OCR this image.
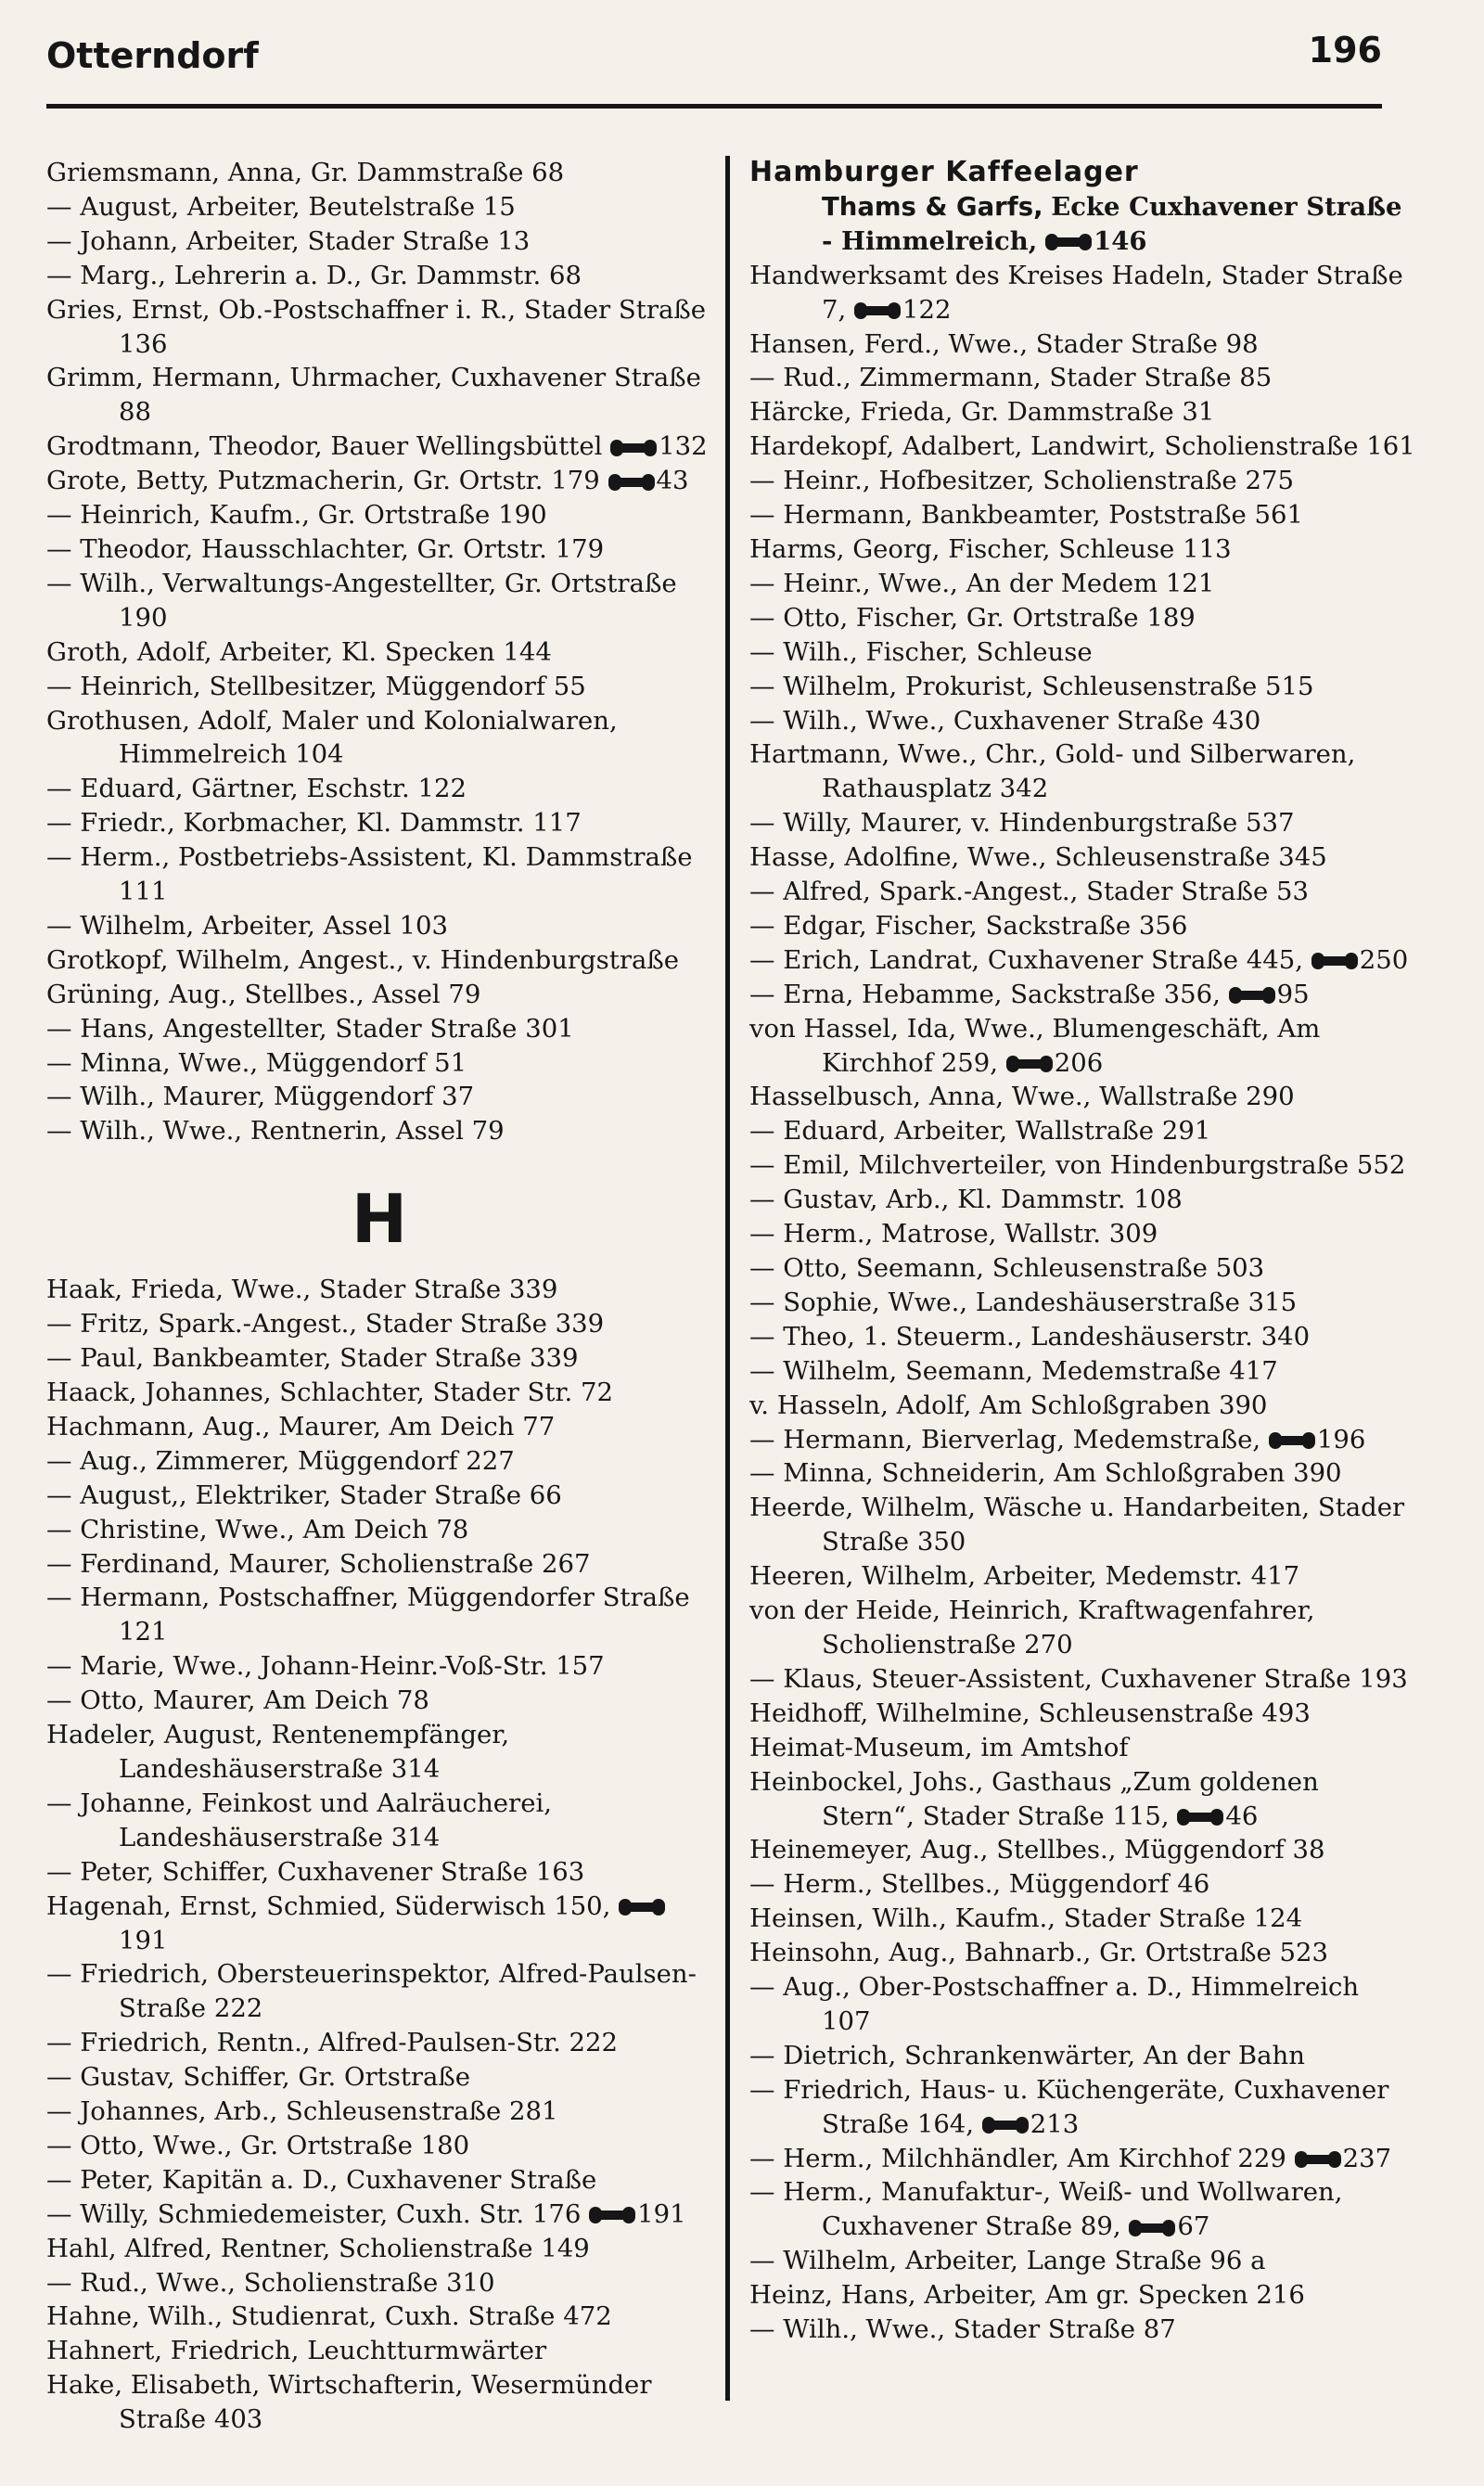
Otterndorf	196

Griemsmann, Anna, Gr. Dammstraße 68

— August, Arbeiter, Beutelstraße 15

— Johann, Arbeiter, Stader Straße 13

— Marg., Lehrerin a. D., Gr. Dammstr. 68

Gries, Ernst, Ob.-Postschaffner i. R., Stader Straße 136

Grimm, Hermann, Uhrmacher, Cuxhavener Straße 88

Grodtmann, Theodor, Bauer Wellingsbüttel 132

Grote, Betty, Putzmacherin, Gr. Ortstr. 179 43

— Heinrich, Kaufm., Gr. Ortstraße 190

— Theodor, Hausschlachter, Gr. Ortstr. 179

— Wilh., Verwaltungs-Angestellter, Gr. Ortstraße 190

Groth, Adolf, Arbeiter, Kl. Specken 144

— Heinrich, Stellbesitzer, Müggendorf 55

Grothusen, Adolf, Maler und Kolonialwaren, Himmelreich 104

— Eduard, Gärtner, Eschstr. 122

— Friedr., Korbmacher, Kl. Dammstr. 117

— Herm., Postbetriebs-Assistent, Kl. Dammstraße 111

— Wilhelm, Arbeiter, Assel 103

Grotkopf, Wilhelm, Angest., v. Hindenburgstraße

Grüning, Aug., Stellbes., Assel 79

— Hans, Angestellter, Stader Straße 301

— Minna, Wwe., Müggendorf 51

— Wilh., Maurer, Müggendorf 37

— Wilh., Wwe., Rentnerin, Assel 79

H

Haak, Frieda, Wwe., Stader Straße 339

— Fritz, Spark.-Angest., Stader Straße 339

— Paul, Bankbeamter, Stader Straße 339

Haack, Johannes, Schlachter, Stader Str. 72

Hachmann, Aug., Maurer, Am Deich 77

— Aug., Zimmerer, Müggendorf 227

— August,, Elektriker, Stader Straße 66

— Christine, Wwe., Am Deich 78

— Ferdinand, Maurer, Scholienstraße 267

— Hermann, Postschaffner, Müggendorfer Straße 121

— Marie, Wwe., Johann-Heinr.-Voß-Str. 157

— Otto, Maurer, Am Deich 78

Hadeler, August, Rentenempfänger, Landeshäuserstraße 314

— Johanne, Feinkost und Aalräucherei, Landeshäuserstraße 314

— Peter, Schiffer, Cuxhavener Straße 163

Hagenah, Ernst, Schmied, Süderwisch 150, 191

— Friedrich, Obersteuerinspektor, Alfred-Paulsen-Straße 222

— Friedrich, Rentn., Alfred-Paulsen-Str. 222

— Gustav, Schiffer, Gr. Ortstraße

— Johannes, Arb., Schleusenstraße 281

— Otto, Wwe., Gr. Ortstraße 180

— Peter, Kapitän a. D., Cuxhavener Straße

— Willy, Schmiedemeister, Cuxh. Str. 176 191

Hahl, Alfred, Rentner, Scholienstraße 149

— Rud., Wwe., Scholienstraße 310

Hahne, Wilh., Studienrat, Cuxh. Straße 472

Hahnert, Friedrich, Leuchtturmwärter

Hake, Elisabeth, Wirtschafterin, Wesermünder Straße 403

Hamburger Kaffeelager
Thams & Garfs, Ecke Cuxhavener Straße - Himmelreich, 146

Handwerksamt des Kreises Hadeln, Stader Straße 7, 122

Hansen, Ferd., Wwe., Stader Straße 98

— Rud., Zimmermann, Stader Straße 85

Härcke, Frieda, Gr. Dammstraße 31

Hardekopf, Adalbert, Landwirt, Scholienstraße 161

— Heinr., Hofbesitzer, Scholienstraße 275

— Hermann, Bankbeamter, Poststraße 561

Harms, Georg, Fischer, Schleuse 113

— Heinr., Wwe., An der Medem 121

— Otto, Fischer, Gr. Ortstraße 189

— Wilh., Fischer, Schleuse

— Wilhelm, Prokurist, Schleusenstraße 515

— Wilh., Wwe., Cuxhavener Straße 430

Hartmann, Wwe., Chr., Gold- und Silberwaren, Rathausplatz 342

— Willy, Maurer, v. Hindenburgstraße 537

Hasse, Adolfine, Wwe., Schleusenstraße 345

— Alfred, Spark.-Angest., Stader Straße 53

— Edgar, Fischer, Sackstraße 356

— Erich, Landrat, Cuxhavener Straße 445, 250

— Erna, Hebamme, Sackstraße 356, 95

von Hassel, Ida, Wwe., Blumengeschäft, Am Kirchhof 259, 206

Hasselbusch, Anna, Wwe., Wallstraße 290

— Eduard, Arbeiter, Wallstraße 291

— Emil, Milchverteiler, von Hindenburgstraße 552

— Gustav, Arb., Kl. Dammstr. 108

— Herm., Matrose, Wallstr. 309

— Otto, Seemann, Schleusenstraße 503

— Sophie, Wwe., Landeshäuserstraße 315

— Theo, 1. Steuerm., Landeshäuserstr. 340

— Wilhelm, Seemann, Medemstraße 417

v. Hasseln, Adolf, Am Schloßgraben 390

— Hermann, Bierverlag, Medemstraße, 196

— Minna, Schneiderin, Am Schloßgraben 390

Heerde, Wilhelm, Wäsche u. Handarbeiten, Stader Straße 350

Heeren, Wilhelm, Arbeiter, Medemstr. 417

von der Heide, Heinrich, Kraftwagenfahrer, Scholienstraße 270

— Klaus, Steuer-Assistent, Cuxhavener Straße 193

Heidhoff, Wilhelmine, Schleusenstraße 493

Heimat-Museum, im Amtshof

Heinbockel, Johs., Gasthaus „Zum goldenen Stern“, Stader Straße 115, 46

Heinemeyer, Aug., Stellbes., Müggendorf 38

— Herm., Stellbes., Müggendorf 46

Heinsen, Wilh., Kaufm., Stader Straße 124

Heinsohn, Aug., Bahnarb., Gr. Ortstraße 523

— Aug., Ober-Postschaffner a. D., Himmelreich 107

— Dietrich, Schrankenwärter, An der Bahn

— Friedrich, Haus- u. Küchengeräte, Cuxhavener Straße 164, 213

— Herm., Milchhändler, Am Kirchhof 229 237

— Herm., Manufaktur-, Weiß- und Wollwaren, Cuxhavener Straße 89, 67

— Wilhelm, Arbeiter, Lange Straße 96 a

Heinz, Hans, Arbeiter, Am gr. Specken 216

— Wilh., Wwe., Stader Straße 87
